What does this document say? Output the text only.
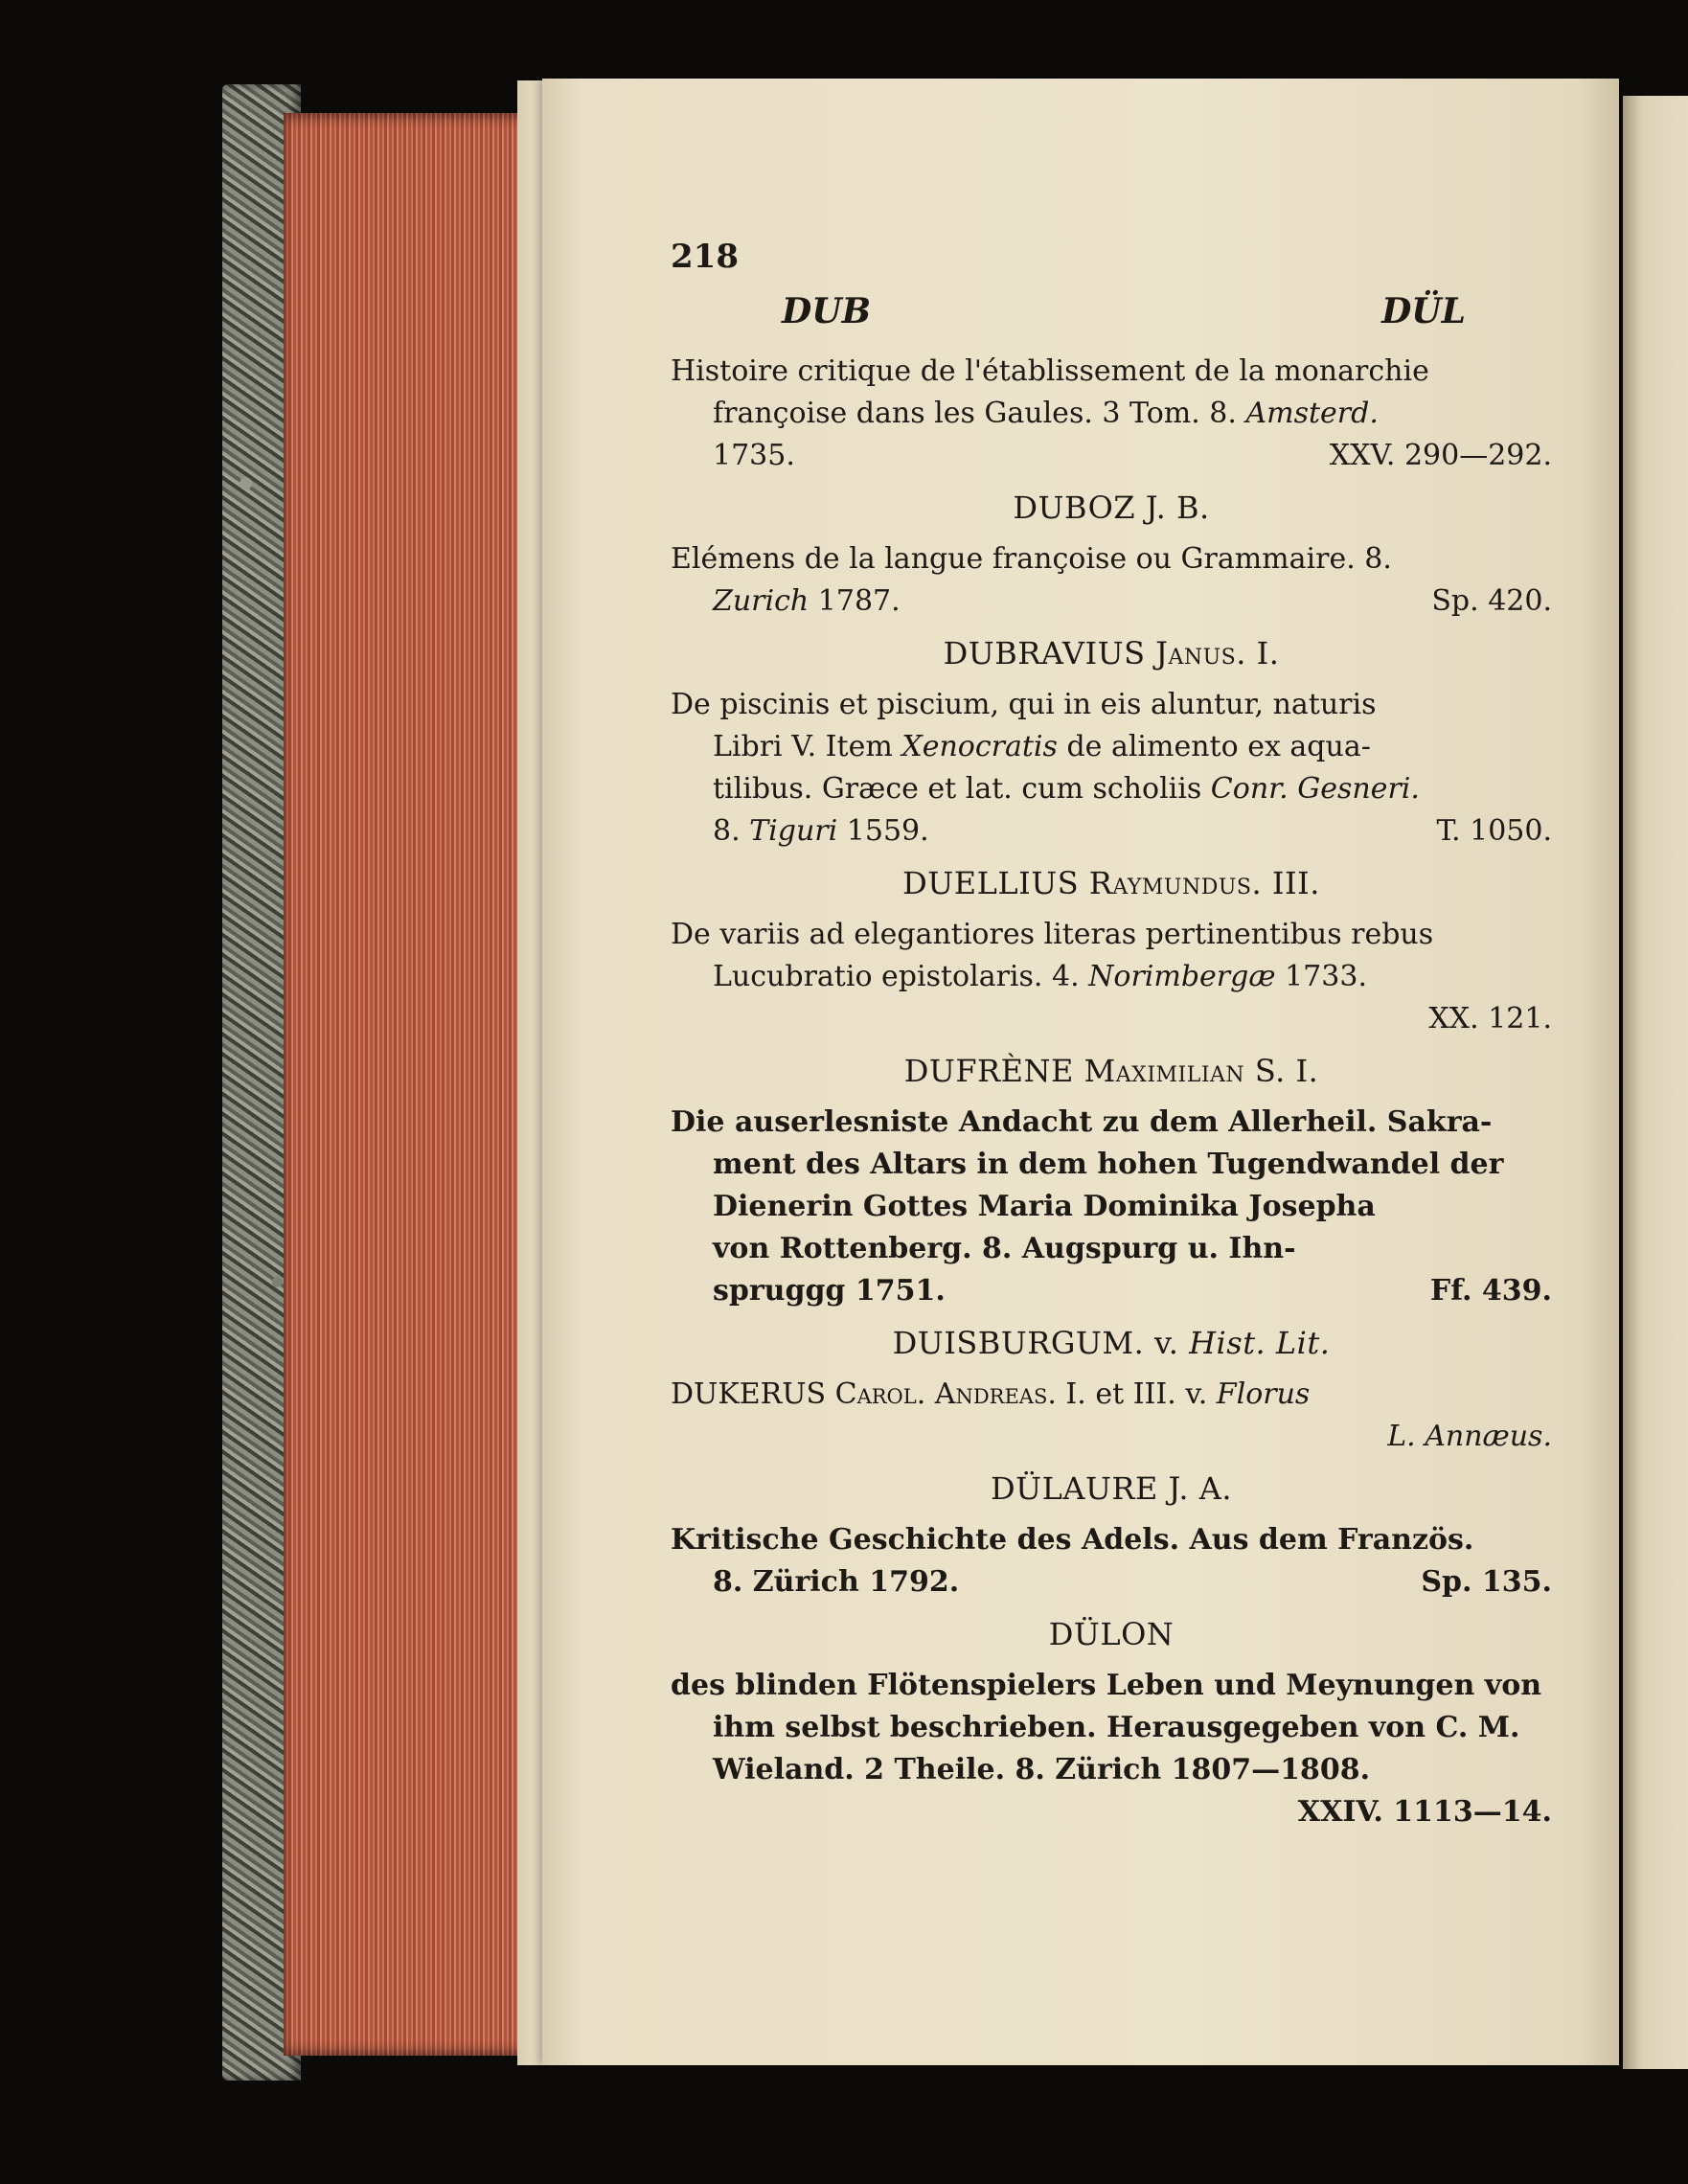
218
DUB	DÜL
Histoire critique de l'établissement de la monarchie
françoise dans les Gaules. 3 Tom. 8. Amsterd.
1735.	XXV. 290—292.
DUBOZ J. B.
Elémens de la langue françoise ou Grammaire. 8.
Zurich 1787.	Sp. 420.
DUBRAVIUS Janus. I.
De piscinis et piscium, qui in eis aluntur, naturis
Libri V. Item Xenocratis de alimento ex aqua-
tilibus. Græce et lat. cum scholiis Conr. Gesneri.
8. Tiguri 1559.	T. 1050.
DUELLIUS Raymundus. III.
De variis ad elegantiores literas pertinentibus rebus
Lucubratio epistolaris. 4. Norimbergæ 1733.
XX. 121.
DUFRÈNE Maximilian S. I.
Die auserlesniste Andacht zu dem Allerheil. Sakra-
ment des Altars in dem hohen Tugendwandel der
Dienerin Gottes Maria Dominika Josepha
von Rottenberg. 8. Augspurg u. Ihn-
spruggg 1751.	Ff. 439.
DUISBURGUM. v. Hist. Lit.
DUKERUS Carol. Andreas. I. et III. v. Florus
L. Annæus.
DÜLAURE J. A.
Kritische Geschichte des Adels. Aus dem Französ.
8. Zürich 1792.	Sp. 135.
DÜLON
des blinden Flötenspielers Leben und Meynungen von
ihm selbst beschrieben. Herausgegeben von C. M.
Wieland. 2 Theile. 8. Zürich 1807—1808.
XXIV. 1113—14.
